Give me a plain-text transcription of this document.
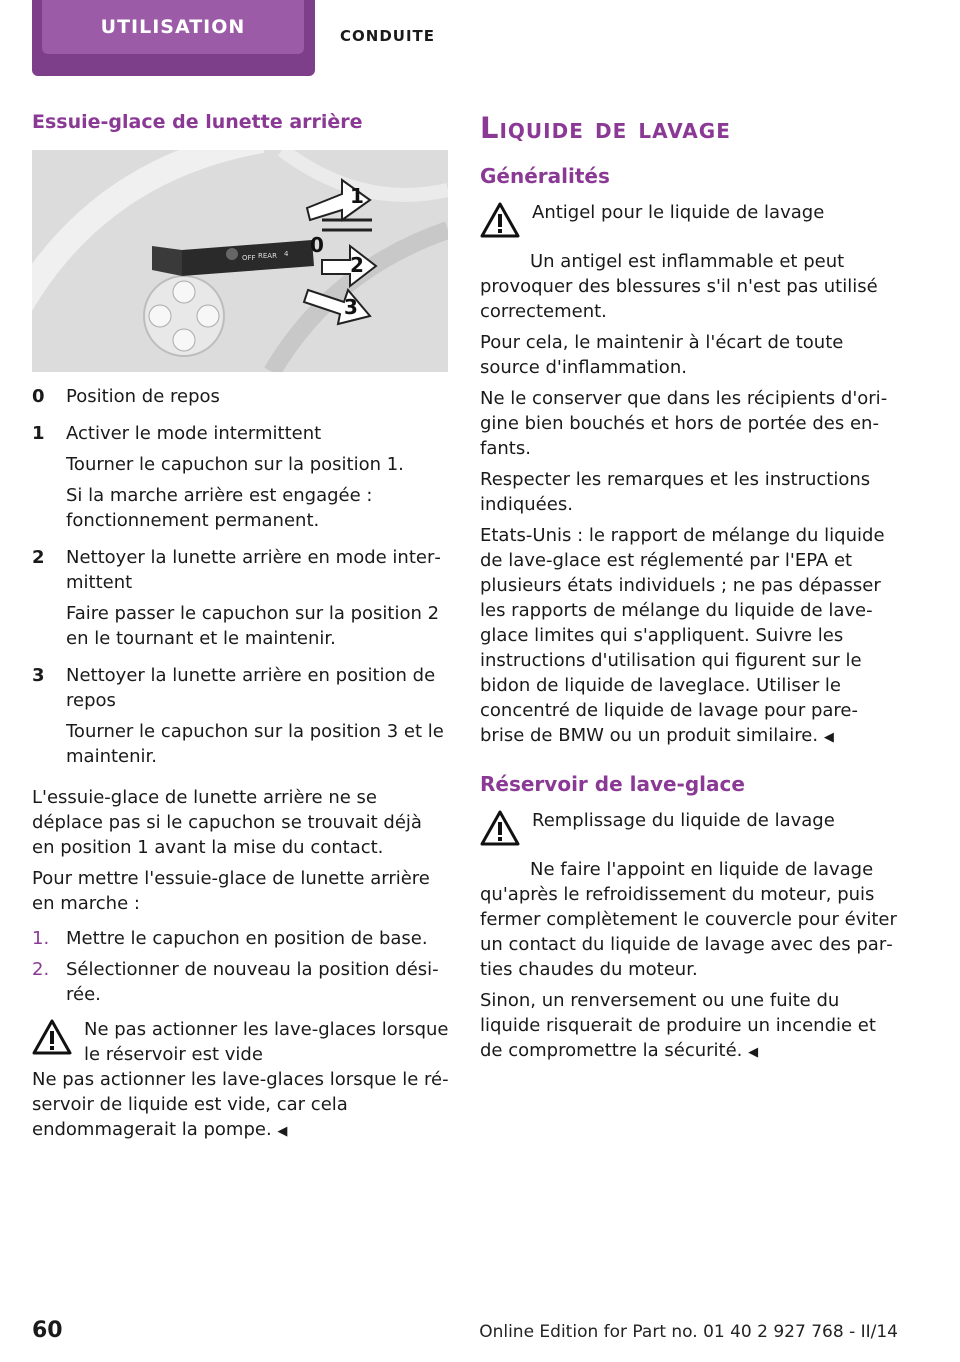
UTILISATION	CONDUITE
Essuie-glace de lunette arrière
OFF REAR 4
1
0
2
3
0	Position de repos

1	Activer le mode intermittent

Tourner le capuchon sur la position 1.

Si la marche arrière est engagée : fonctionnement permanent.

2	Nettoyer la lunette arrière en mode intermittent

Faire passer le capuchon sur la position 2 en le tournant et le maintenir.

3	Nettoyer la lunette arrière en position de repos

Tourner le capuchon sur la position 3 et le maintenir.

L'essuie-glace de lunette arrière ne se déplace pas si le capuchon se trouvait déjà en position 1 avant la mise du contact.

Pour mettre l'essuie-glace de lunette arrière en marche :

1. Mettre le capuchon en position de base.
2. Sélectionner de nouveau la position désirée.
Ne pas actionner les lave-glaces lorsque le réservoir est vide

Ne pas actionner les lave-glaces lorsque le réservoir de liquide est vide, car cela endommagerait la pompe. ◀

Liquide de lavage
Généralités
Antigel pour le liquide de lavage

Un antigel est inflammable et peut provoquer des blessures s'il n'est pas utilisé correctement.

Pour cela, le maintenir à l'écart de toute source d'inflammation.

Ne le conserver que dans les récipients d'origine bien bouchés et hors de portée des enfants.

Respecter les remarques et les instructions indiquées.

Etats-Unis : le rapport de mélange du liquide de lave-glace est réglementé par l'EPA et plusieurs états individuels ; ne pas dépasser les rapports de mélange du liquide de lave-glace limites qui s'appliquent. Suivre les instructions d'utilisation qui figurent sur le bidon de liquide de laveglace. Utiliser le concentré de liquide de lavage pour pare-brise de BMW ou un produit similaire. ◀

Réservoir de lave-glace
Remplissage du liquide de lavage

Ne faire l'appoint en liquide de lavage qu'après le refroidissement du moteur, puis fermer complètement le couvercle pour éviter un contact du liquide de lavage avec des parties chaudes du moteur.

Sinon, un renversement ou une fuite du liquide risquerait de produire un incendie et de compromettre la sécurité. ◀

60	Online Edition for Part no. 01 40 2 927 768 - II/14
